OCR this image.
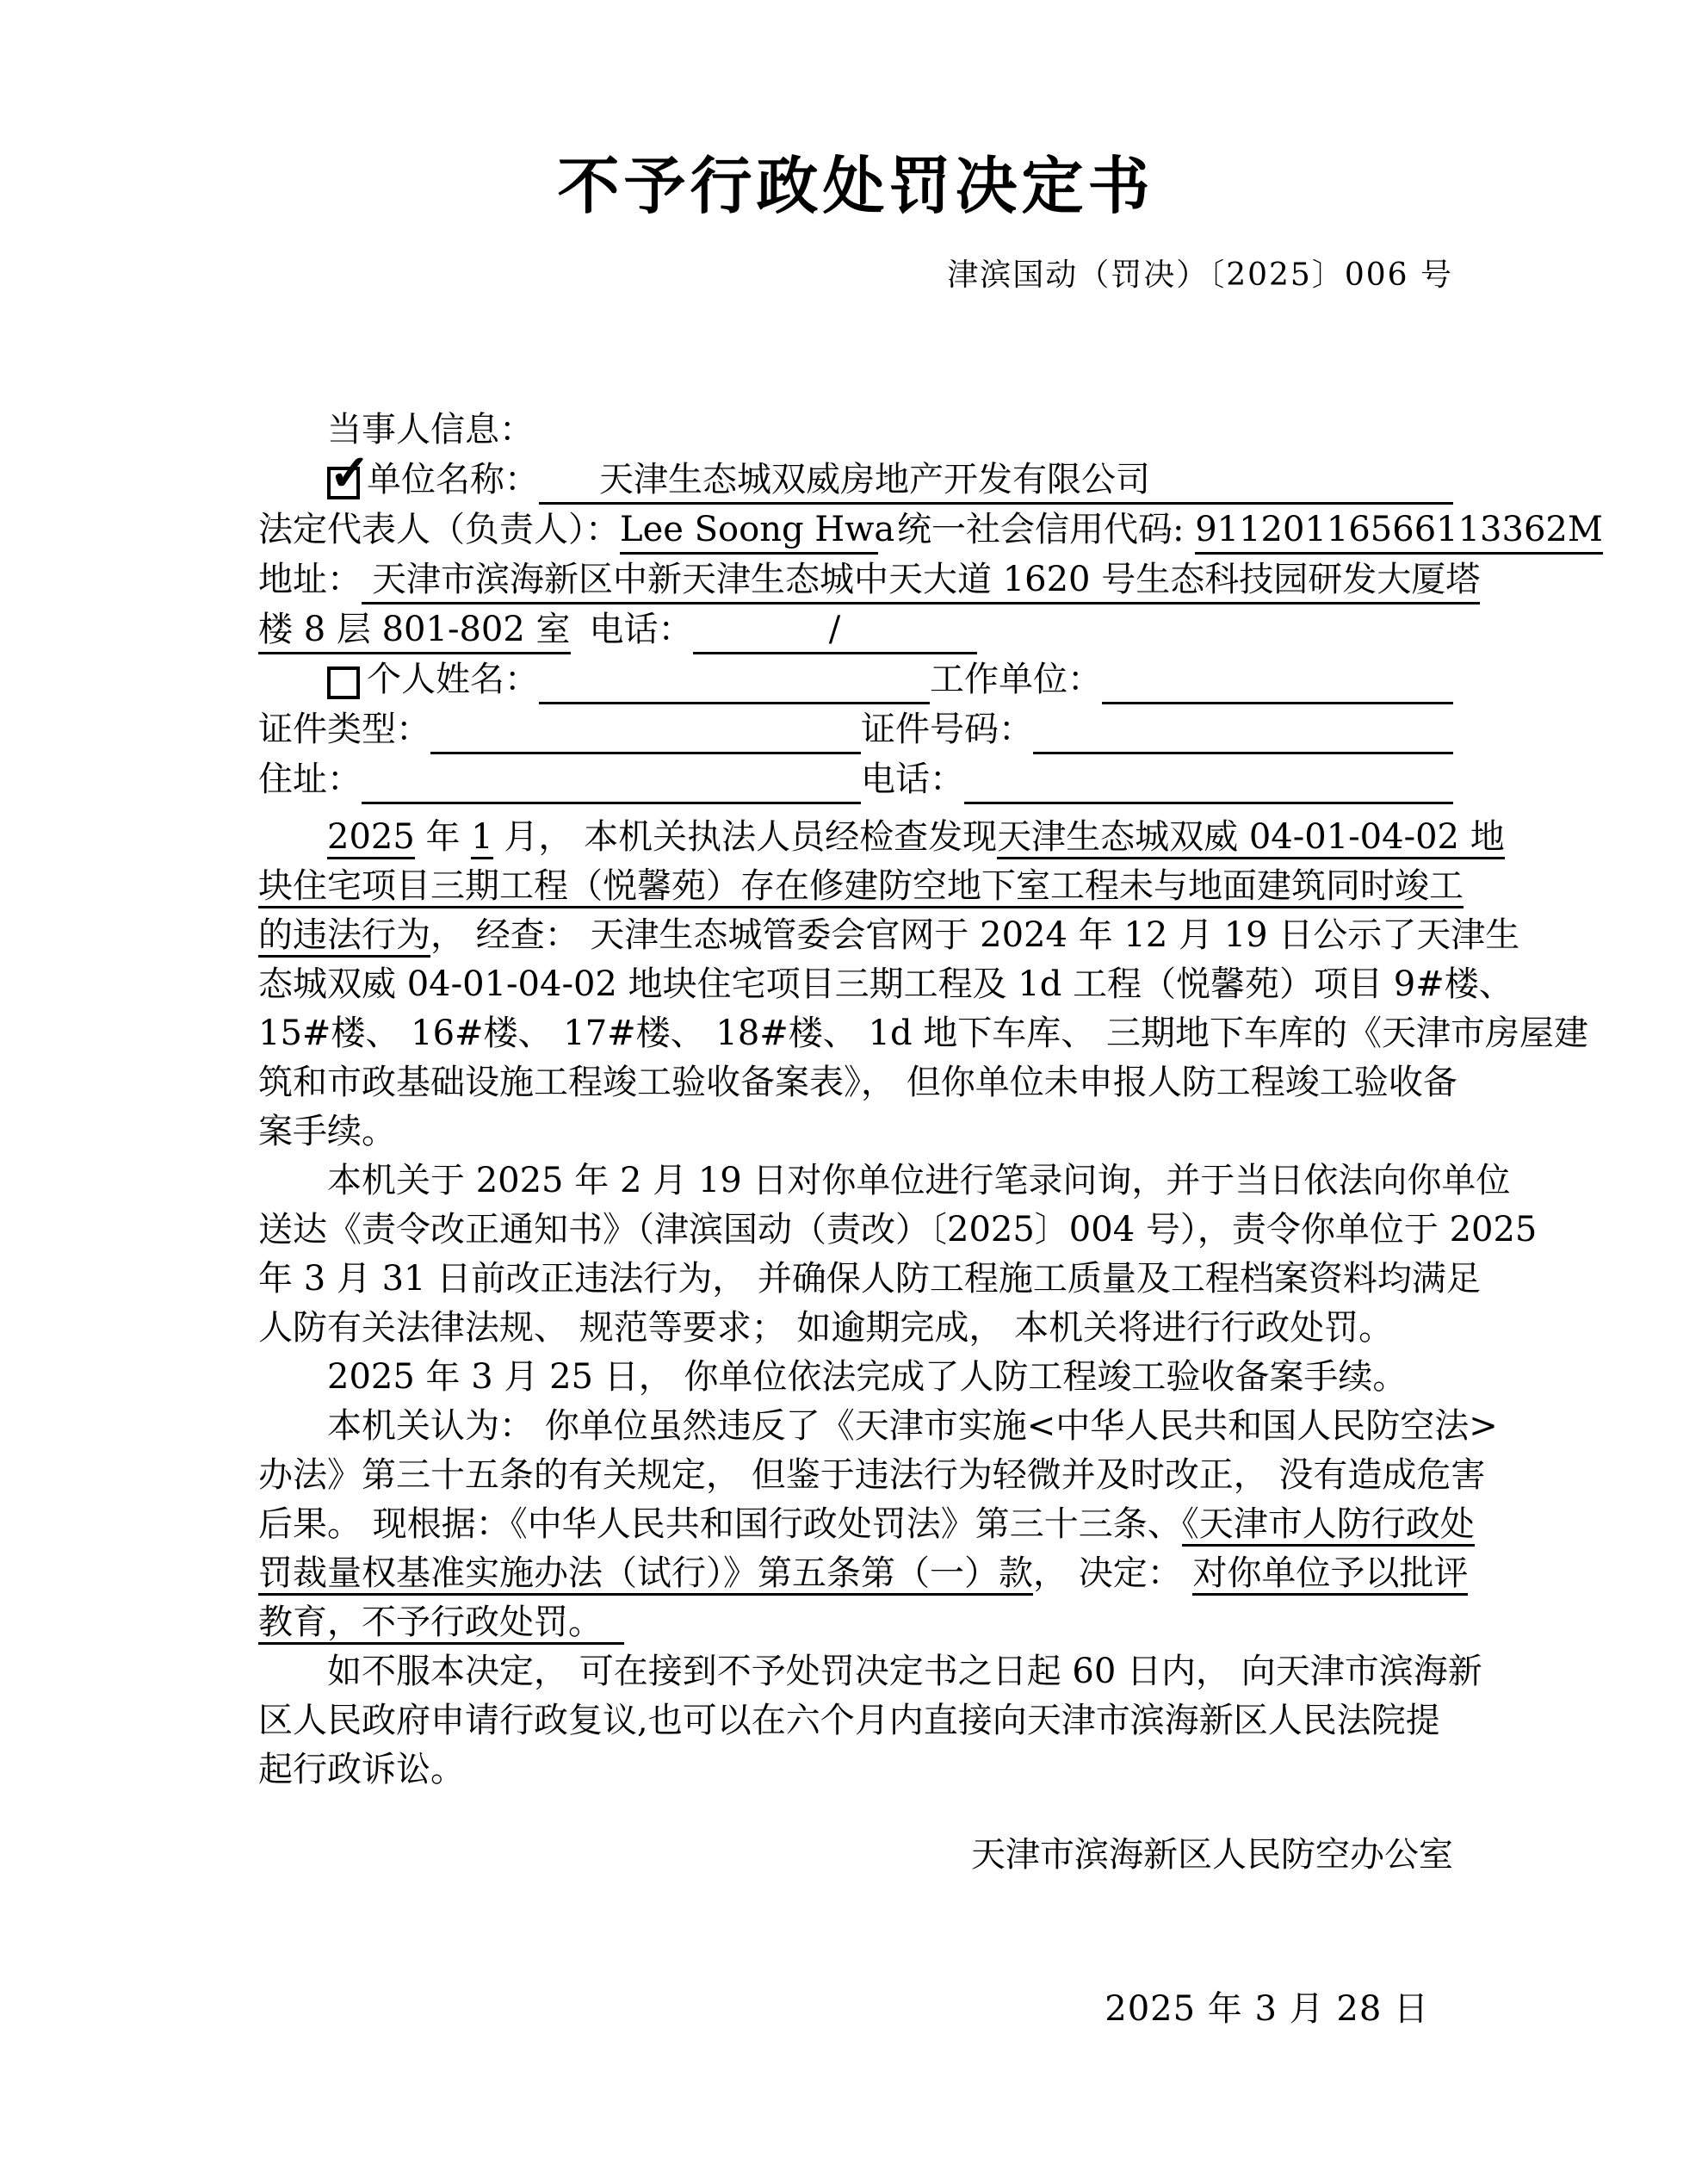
不予行政处罚决定书
津滨国动（罚决）〔2025〕006 号
当事人信息：
✓
单位名称：	天津生态城双威房地产开发有限公司
法定代表人（负责人）： Lee Soong Hwa 统一社会信用代码: 91120116566113362M
地址： 天津市滨海新区中新天津生态城中天大道 1620 号生态科技园研发大厦塔
楼 8 层 801-802 室 电话：	/
个人姓名：	工作单位：
证件类型：	证件号码：
住址：	电话：
2025 年 1 月， 本机关执法人员经检查发现天津生态城双威 04-01-04-02 地
块住宅项目三期工程（悦馨苑）存在修建防空地下室工程未与地面建筑同时竣工
的违法行为， 经查： 天津生态城管委会官网于 2024 年 12 月 19 日公示了天津生
态城双威 04-01-04-02 地块住宅项目三期工程及 1d 工程（悦馨苑）项目 9#楼、
15#楼、 16#楼、 17#楼、 18#楼、 1d 地下车库、 三期地下车库的《天津市房屋建
筑和市政基础设施工程竣工验收备案表》， 但你单位未申报人防工程竣工验收备
案手续。
本机关于 2025 年 2 月 19 日对你单位进行笔录问询，并于当日依法向你单位
送达《责令改正通知书》（津滨国动（责改）〔2025〕004 号），责令你单位于 2025
年 3 月 31 日前改正违法行为， 并确保人防工程施工质量及工程档案资料均满足
人防有关法律法规、 规范等要求； 如逾期完成， 本机关将进行行政处罚。
2025 年 3 月 25 日， 你单位依法完成了人防工程竣工验收备案手续。
本机关认为： 你单位虽然违反了《天津市实施<中华人民共和国人民防空法>
办法》第三十五条的有关规定， 但鉴于违法行为轻微并及时改正， 没有造成危害
后果。 现根据：《中华人民共和国行政处罚法》第三十三条、《天津市人防行政处
罚裁量权基准实施办法（试行）》第五条第（一）款， 决定： 对你单位予以批评
教育，不予行政处罚。
如不服本决定， 可在接到不予处罚决定书之日起 60 日内， 向天津市滨海新
区人民政府申请行政复议,也可以在六个月内直接向天津市滨海新区人民法院提
起行政诉讼。
天津市滨海新区人民防空办公室
2025 年 3 月 28 日
